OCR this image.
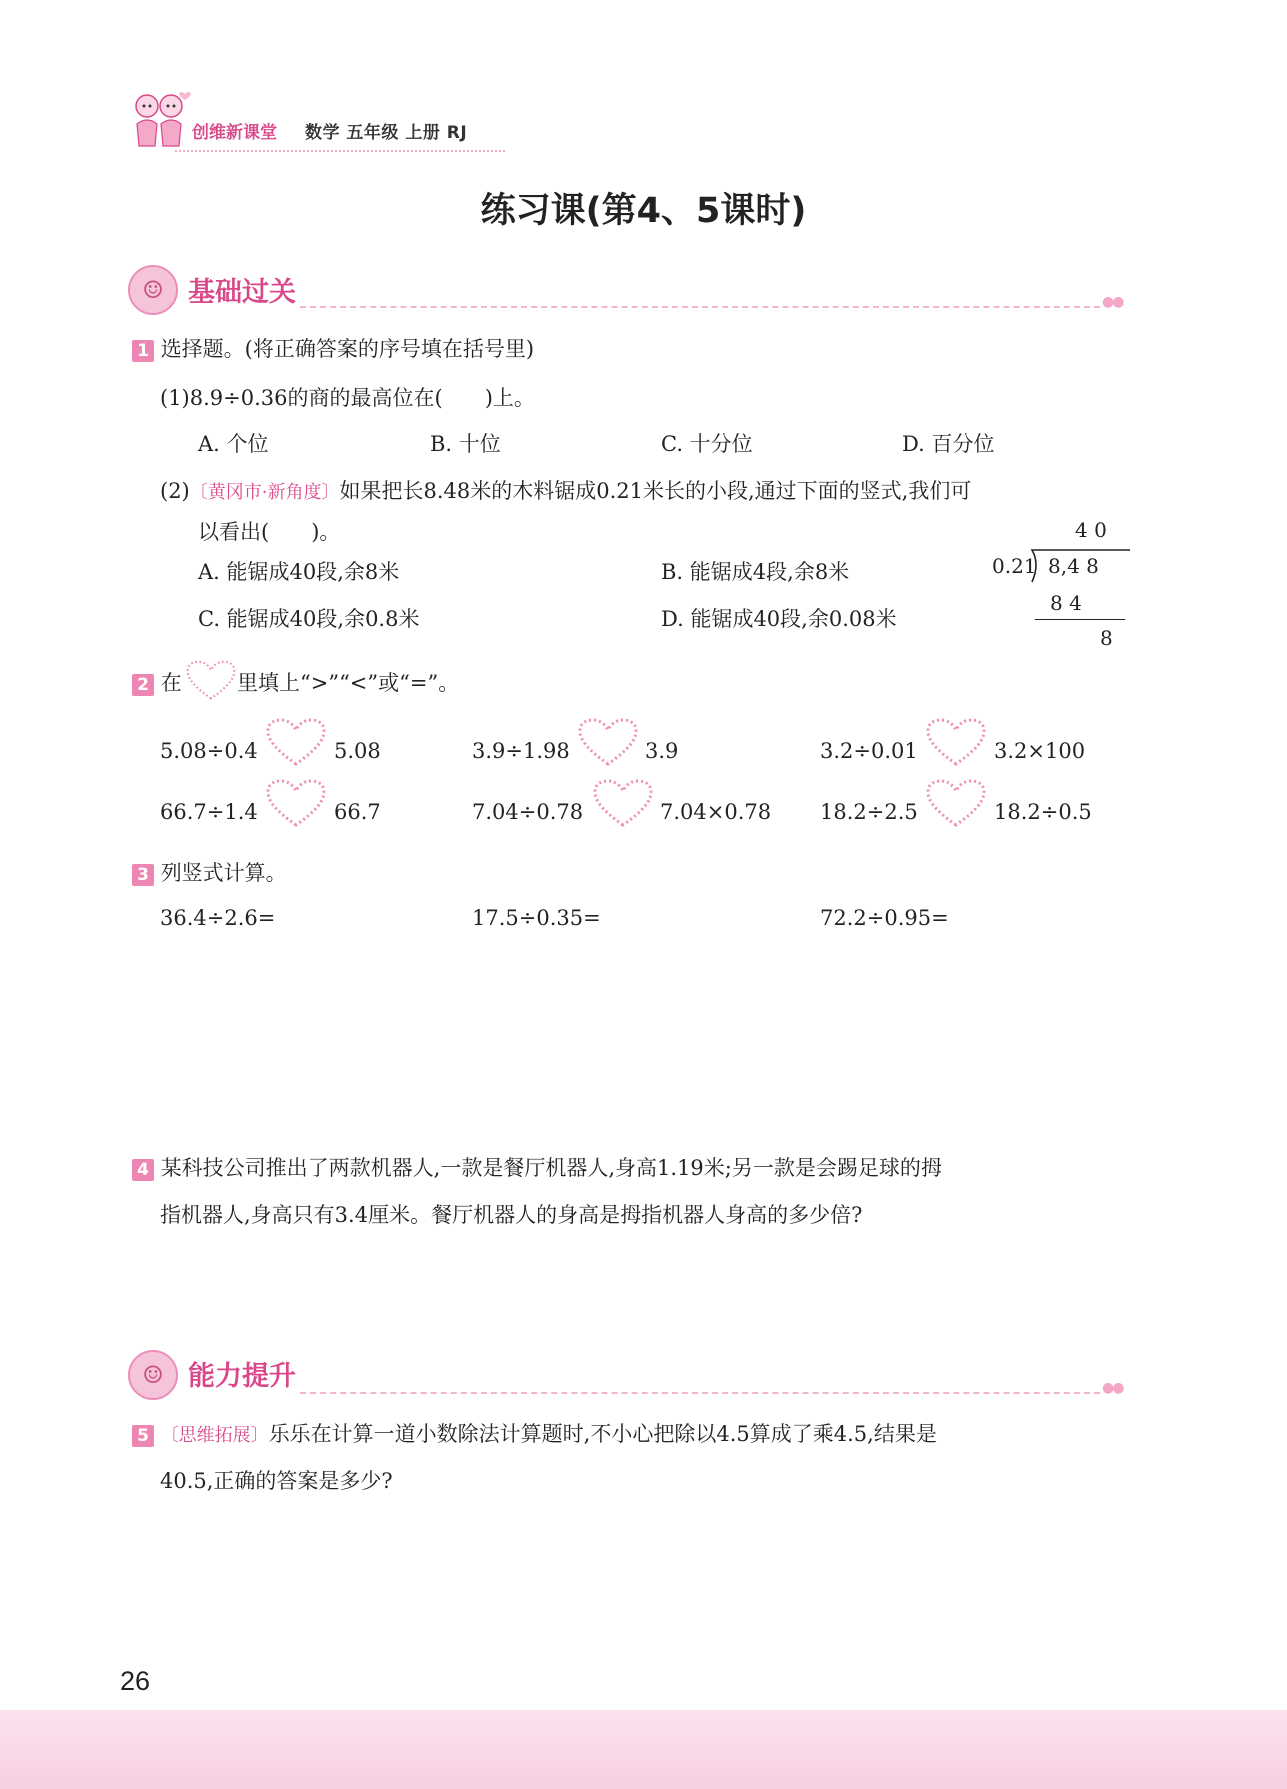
创维新课堂 数学 五年级 上册 RJ
练习课(第4、5课时)
☺ 基础过关	●●
1 选择题。(将正确答案的序号填在括号里)
(1)8.9÷0.36的商的最高位在(　　)上。
A. 个位	B. 十位	C. 十分位	D. 百分位
(2)〔黄冈市·新角度〕如果把长8.48米的木料锯成0.21米长的小段,通过下面的竖式,我们可
以看出(　　)。
A. 能锯成40段,余8米	B. 能锯成4段,余8米
C. 能锯成40段,余0.8米	D. 能锯成40段,余0.08米
4 0
0.21 8,4 8
8 4
8
2 在	里填上“>”“<”或“=”。
5.08÷0.4	5.08	3.9÷1.98	3.9	3.2÷0.01	3.2×100
66.7÷1.4	66.7	7.04÷0.78	7.04×0.78 18.2÷2.5	18.2÷0.5
3 列竖式计算。
36.4÷2.6=	17.5÷0.35=	72.2÷0.95=
4 某科技公司推出了两款机器人,一款是餐厅机器人,身高1.19米;另一款是会踢足球的拇
指机器人,身高只有3.4厘米。餐厅机器人的身高是拇指机器人身高的多少倍?
☺ 能力提升	●●
5 〔思维拓展〕乐乐在计算一道小数除法计算题时,不小心把除以4.5算成了乘4.5,结果是
40.5,正确的答案是多少?
26
